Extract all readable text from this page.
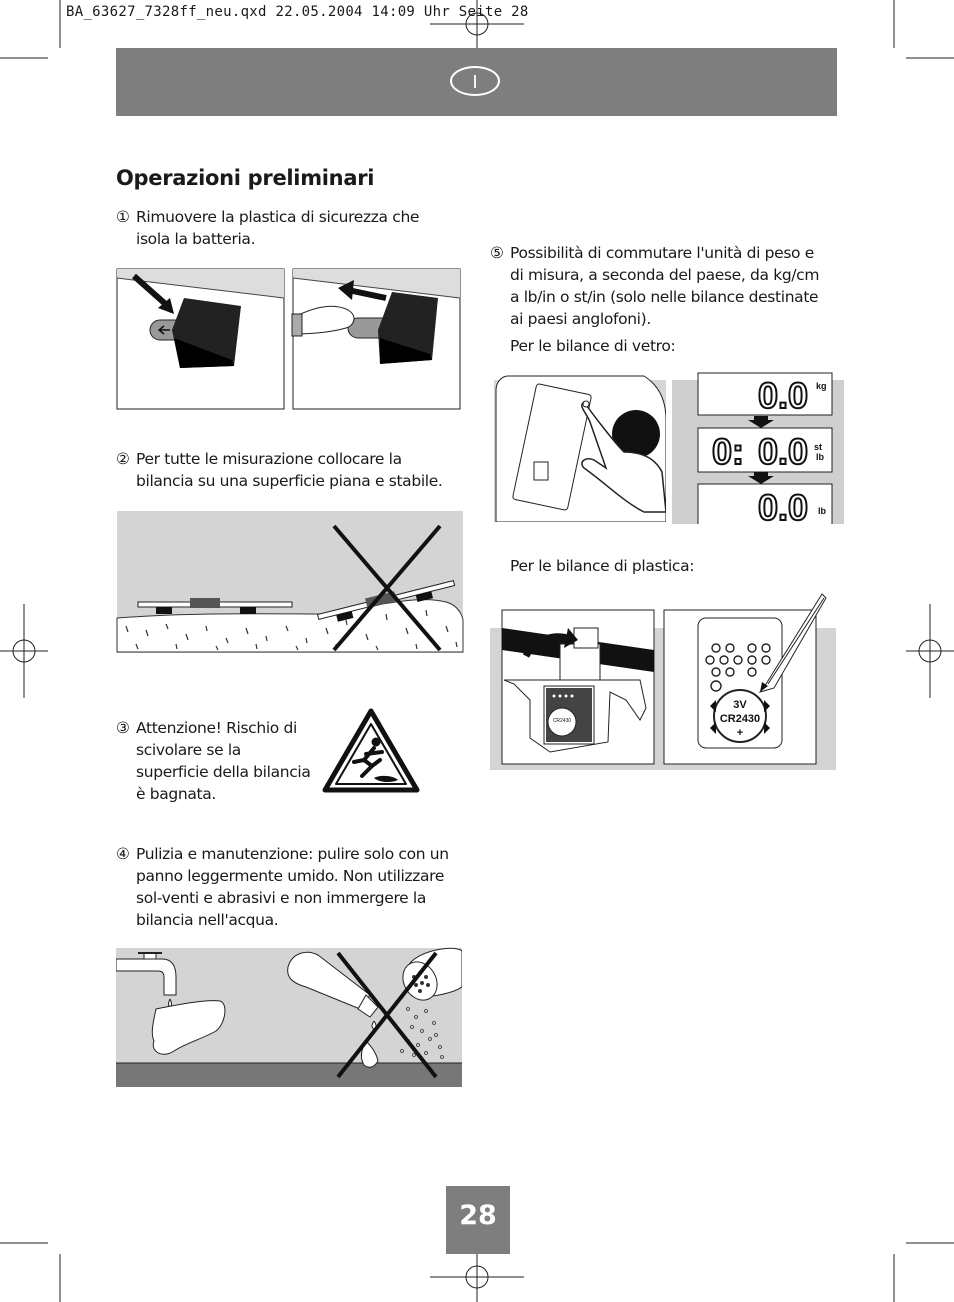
BA_63627_7328ff_neu.qxd 22.05.2004 14:09 Uhr Seite 28
I
Operazioni preliminari
① Rimuovere la plastica di sicurezza che isola la batteria.
② Per tutte le misurazione collocare la bilancia su una superficie piana e stabile.
③ Attenzione! Rischio di scivolare se la superficie della bilancia è bagnata.
④ Pulizia e manutenzione: pulire solo con un panno leggermente umido. Non utilizzare sol-venti e abrasivi e non immergere la bilancia nell'acqua.
⑤ Possibilità di commutare l'unità di peso e di misura, a seconda del paese, da kg/cm a lb/in o st/in (solo nelle bilance destinate ai paesi anglofoni).
Per le bilance di vetro:
0.0 kg
0: 0.0 st
lb
0.0 lb
Per le bilance di plastica:
CR2430
3V
CR2430
+
28
